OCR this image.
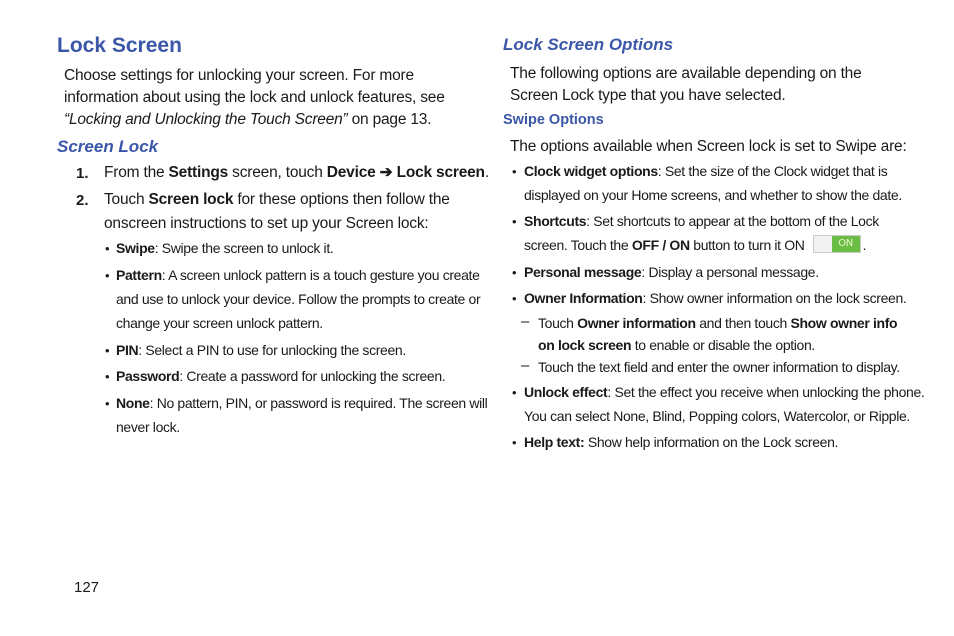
Lock Screen
Choose settings for unlocking your screen. For more
information about using the lock and unlock features, see
“Locking and Unlocking the Touch Screen” on page 13.
Screen Lock
1. From the Settings screen, touch Device ➔ Lock screen.
2. Touch Screen lock for these options then follow the
onscreen instructions to set up your Screen lock:
• Swipe: Swipe the screen to unlock it.
• Pattern: A screen unlock pattern is a touch gesture you create
and use to unlock your device. Follow the prompts to create or
change your screen unlock pattern.
• PIN: Select a PIN to use for unlocking the screen.
• Password: Create a password for unlocking the screen.
• None: No pattern, PIN, or password is required. The screen will
never lock.
Lock Screen Options
The following options are available depending on the
Screen Lock type that you have selected.
Swipe Options
The options available when Screen lock is set to Swipe are:
• Clock widget options: Set the size of the Clock widget that is
displayed on your Home screens, and whether to show the date.
• Shortcuts: Set shortcuts to appear at the bottom of the Lock
screen. Touch the OFF / ON button to turn it ON	ON .
• Personal message: Display a personal message.
• Owner Information: Show owner information on the lock screen.
– Touch Owner information and then touch Show owner info
on lock screen to enable or disable the option.
– Touch the text field and enter the owner information to display.
• Unlock effect: Set the effect you receive when unlocking the phone.
You can select None, Blind, Popping colors, Watercolor, or Ripple.
• Help text: Show help information on the Lock screen.
127
